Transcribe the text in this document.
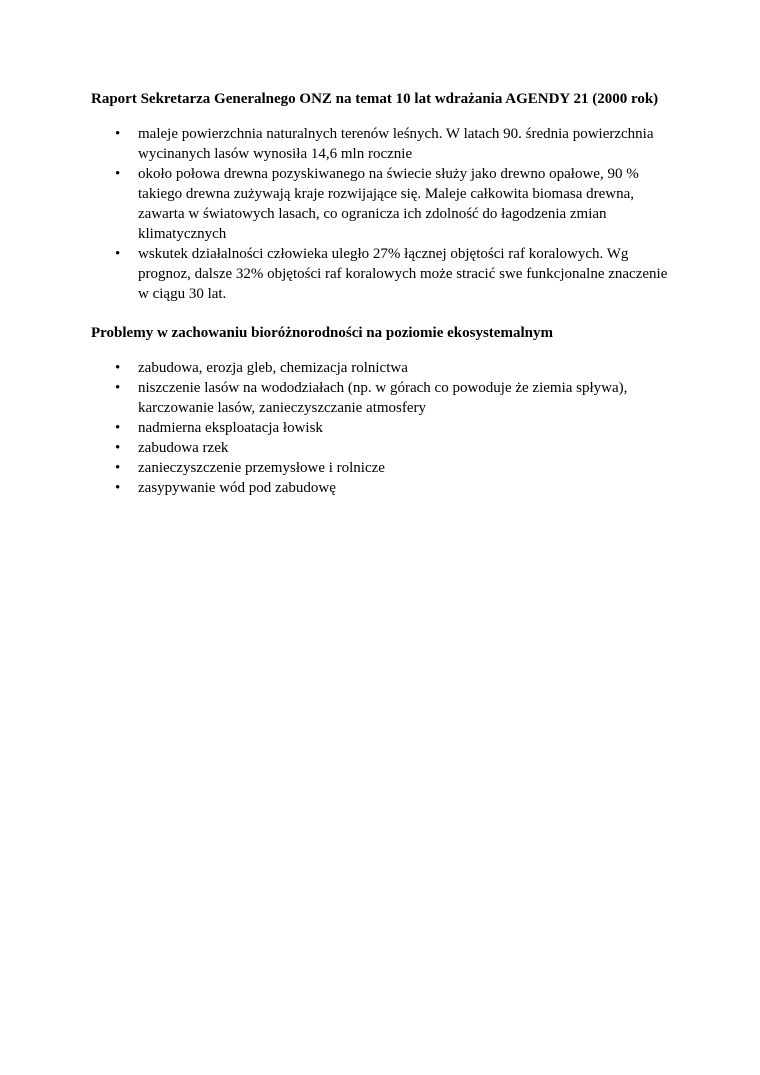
Raport Sekretarza Generalnego ONZ na temat 10 lat wdrażania AGENDY 21 (2000 rok)

• maleje powierzchnia naturalnych terenów leśnych. W latach 90. średnia powierzchnia wycinanych lasów wynosiła 14,6 mln rocznie
• około połowa drewna pozyskiwanego na świecie służy jako drewno opałowe, 90 % takiego drewna zużywają kraje rozwijające się. Maleje całkowita biomasa drewna, zawarta w światowych lasach, co ogranicza ich zdolność do łagodzenia zmian klimatycznych
• wskutek działalności człowieka uległo 27% łącznej objętości raf koralowych. Wg prognoz, dalsze 32% objętości raf koralowych może stracić swe funkcjonalne znaczenie w ciągu 30 lat.

Problemy w zachowaniu bioróżnorodności na poziomie ekosystemalnym

• zabudowa, erozja gleb, chemizacja rolnictwa
• niszczenie lasów na wododziałach (np. w górach co powoduje że ziemia spływa), karczowanie lasów, zanieczyszczanie atmosfery
• nadmierna eksploatacja łowisk
• zabudowa rzek
• zanieczyszczenie przemysłowe i rolnicze
• zasypywanie wód pod zabudowę
